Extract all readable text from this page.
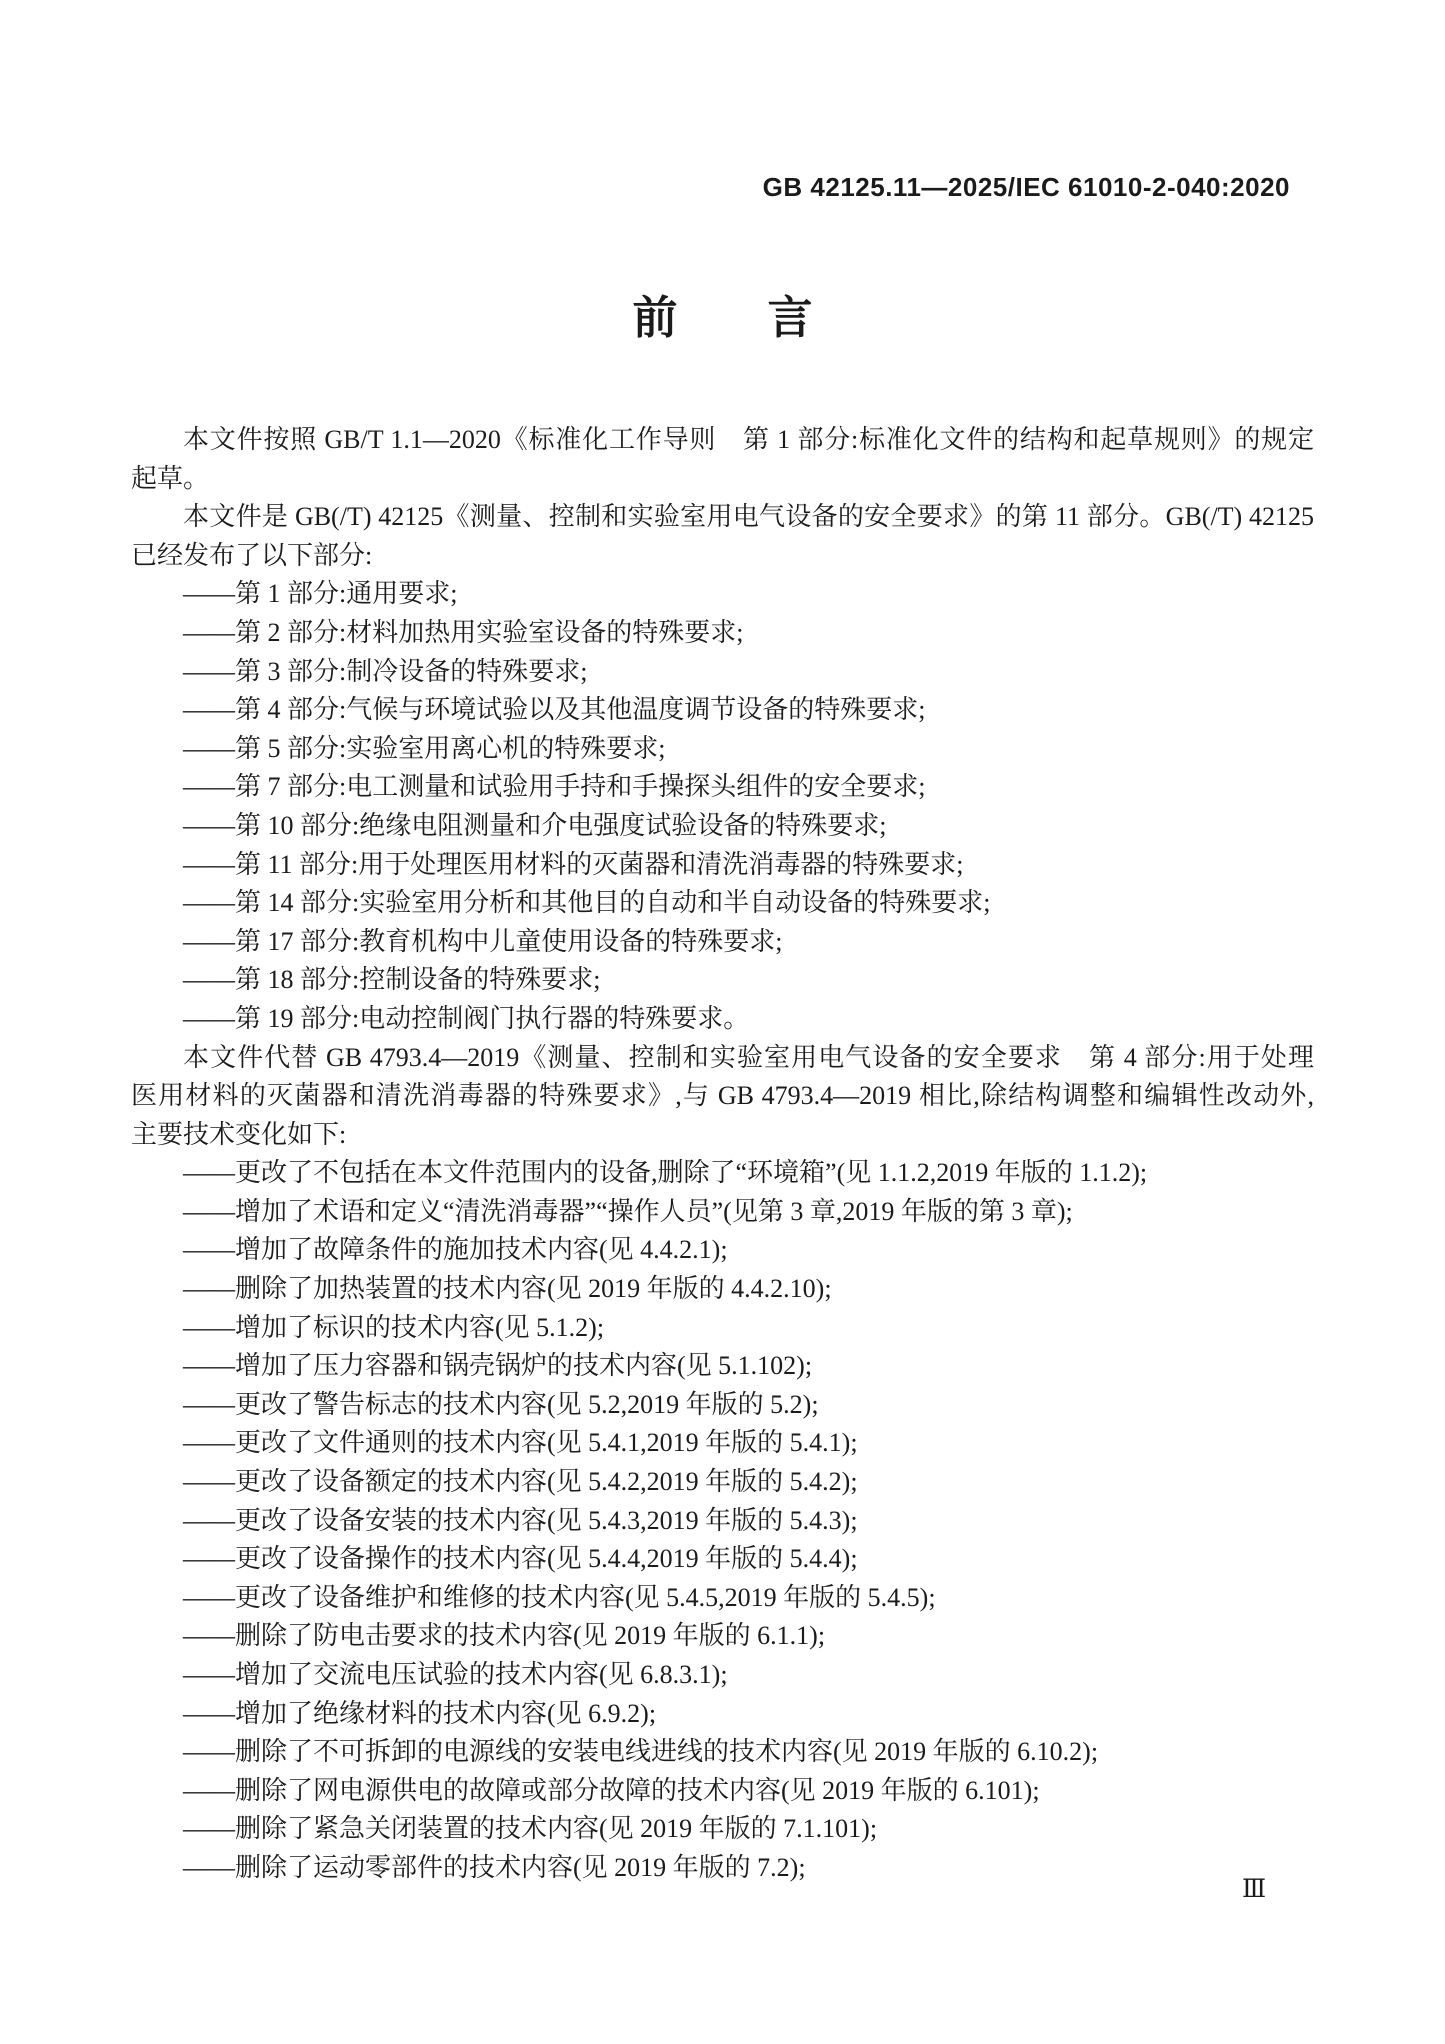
GB 42125.11—2025/IEC 61010-2-040:2020
前　　言
本文件按照 GB/T 1.1—2020《标准化工作导则　第 1 部分:标准化文件的结构和起草规则》的规定
起草。
本文件是 GB(/T) 42125《测量、控制和实验室用电气设备的安全要求》的第 11 部分。GB(/T) 42125
已经发布了以下部分:
——第 1 部分:通用要求;
——第 2 部分:材料加热用实验室设备的特殊要求;
——第 3 部分:制冷设备的特殊要求;
——第 4 部分:气候与环境试验以及其他温度调节设备的特殊要求;
——第 5 部分:实验室用离心机的特殊要求;
——第 7 部分:电工测量和试验用手持和手操探头组件的安全要求;
——第 10 部分:绝缘电阻测量和介电强度试验设备的特殊要求;
——第 11 部分:用于处理医用材料的灭菌器和清洗消毒器的特殊要求;
——第 14 部分:实验室用分析和其他目的自动和半自动设备的特殊要求;
——第 17 部分:教育机构中儿童使用设备的特殊要求;
——第 18 部分:控制设备的特殊要求;
——第 19 部分:电动控制阀门执行器的特殊要求。
本文件代替 GB 4793.4—2019《测量、控制和实验室用电气设备的安全要求　第 4 部分:用于处理
医用材料的灭菌器和清洗消毒器的特殊要求》,与 GB 4793.4—2019 相比,除结构调整和编辑性改动外,
主要技术变化如下:
——更改了不包括在本文件范围内的设备,删除了“环境箱”(见 1.1.2,2019 年版的 1.1.2);
——增加了术语和定义“清洗消毒器”“操作人员”(见第 3 章,2019 年版的第 3 章);
——增加了故障条件的施加技术内容(见 4.4.2.1);
——删除了加热装置的技术内容(见 2019 年版的 4.4.2.10);
——增加了标识的技术内容(见 5.1.2);
——增加了压力容器和锅壳锅炉的技术内容(见 5.1.102);
——更改了警告标志的技术内容(见 5.2,2019 年版的 5.2);
——更改了文件通则的技术内容(见 5.4.1,2019 年版的 5.4.1);
——更改了设备额定的技术内容(见 5.4.2,2019 年版的 5.4.2);
——更改了设备安装的技术内容(见 5.4.3,2019 年版的 5.4.3);
——更改了设备操作的技术内容(见 5.4.4,2019 年版的 5.4.4);
——更改了设备维护和维修的技术内容(见 5.4.5,2019 年版的 5.4.5);
——删除了防电击要求的技术内容(见 2019 年版的 6.1.1);
——增加了交流电压试验的技术内容(见 6.8.3.1);
——增加了绝缘材料的技术内容(见 6.9.2);
——删除了不可拆卸的电源线的安装电线进线的技术内容(见 2019 年版的 6.10.2);
——删除了网电源供电的故障或部分故障的技术内容(见 2019 年版的 6.101);
——删除了紧急关闭装置的技术内容(见 2019 年版的 7.1.101);
——删除了运动零部件的技术内容(见 2019 年版的 7.2);
Ⅲ
